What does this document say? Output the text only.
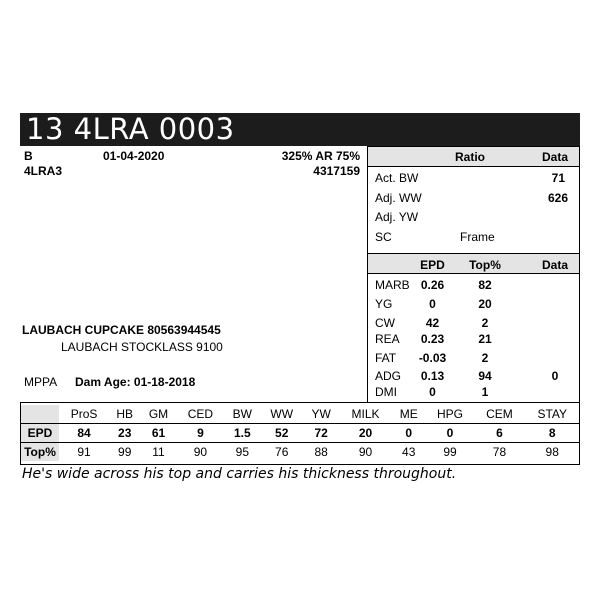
13 4LRA 0003
B	01-04-2020	325% AR 75%
4LRA3	4317159
LAUBACH CUPCAKE 80563944545
LAUBACH STOCKLASS 9100
MPPA Dam Age: 01-18-2018
Ratio	Data
Act. BW	71
Adj. WW	626
Adj. YW
SC	Frame
EPD	Top%	Data
MARB 0.26	82
YG	0	20
CW	42	2
REA	0.23	21
FAT	-0.03	2
ADG	0.13	94	0
DMI	0	1
	ProS	HB	GM	CED	BW	WW	YW	MILK	ME	HPG	CEM	STAY
EPD	84	23	61	9	1.5	52	72	20	0	0	6	8
Top%	91	99	11	90	95	76	88	90	43	99	78	98
He's wide across his top and carries his thickness throughout.
